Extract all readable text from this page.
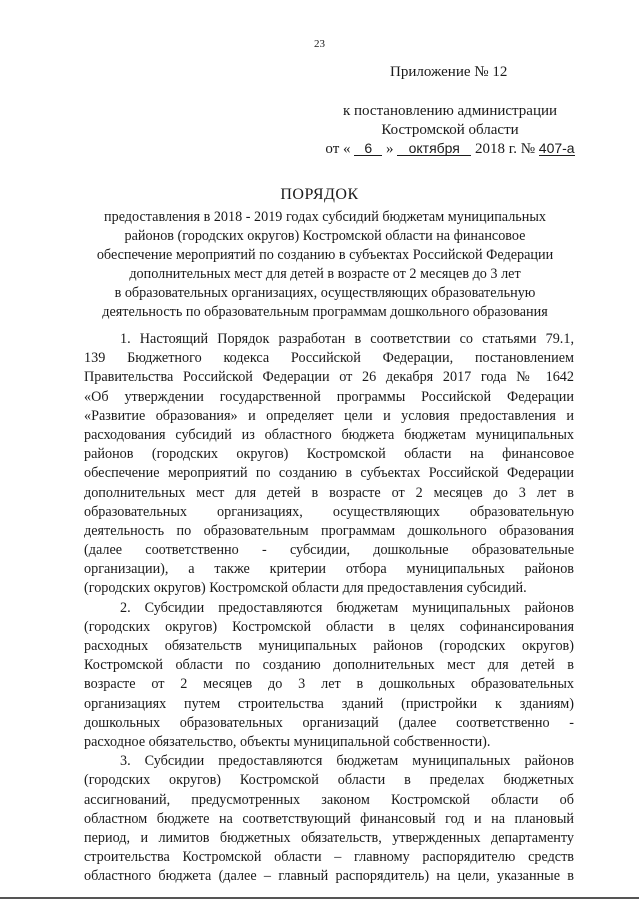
23
Приложение № 12
к постановлению администрации
Костромской области
от « 6 » октября 2018 г. № 407-а
ПОРЯДОК
предоставления в 2018 - 2019 годах субсидий бюджетам муниципальных
районов (городских округов) Костромской области на финансовое
обеспечение мероприятий по созданию в субъектах Российской Федерации
дополнительных мест для детей в возрасте от 2 месяцев до 3 лет
в образовательных организациях, осуществляющих образовательную
деятельность по образовательным программам дошкольного образования
1. Настоящий Порядок разработан в соответствии со статьями 79.1,
139 Бюджетного кодекса Российской Федерации, постановлением
Правительства Российской Федерации от 26 декабря 2017 года № 1642
«Об утверждении государственной программы Российской Федерации
«Развитие образования» и определяет цели и условия предоставления и
расходования субсидий из областного бюджета бюджетам муниципальных
районов (городских округов) Костромской области на финансовое
обеспечение мероприятий по созданию в субъектах Российской Федерации
дополнительных мест для детей в возрасте от 2 месяцев до 3 лет в
образовательных организациях, осуществляющих образовательную
деятельность по образовательным программам дошкольного образования
(далее соответственно - субсидии, дошкольные образовательные
организации), а также критерии отбора муниципальных районов
(городских округов) Костромской области для предоставления субсидий.
2. Субсидии предоставляются бюджетам муниципальных районов
(городских округов) Костромской области в целях софинансирования
расходных обязательств муниципальных районов (городских округов)
Костромской области по созданию дополнительных мест для детей в
возрасте от 2 месяцев до 3 лет в дошкольных образовательных
организациях путем строительства зданий (пристройки к зданиям)
дошкольных образовательных организаций (далее соответственно -
расходное обязательство, объекты муниципальной собственности).
3. Субсидии предоставляются бюджетам муниципальных районов
(городских округов) Костромской области в пределах бюджетных
ассигнований, предусмотренных законом Костромской области об
областном бюджете на соответствующий финансовый год и на плановый
период, и лимитов бюджетных обязательств, утвержденных департаменту
строительства Костромской области – главному распорядителю средств
областного бюджета (далее – главный распорядитель) на цели, указанные в
